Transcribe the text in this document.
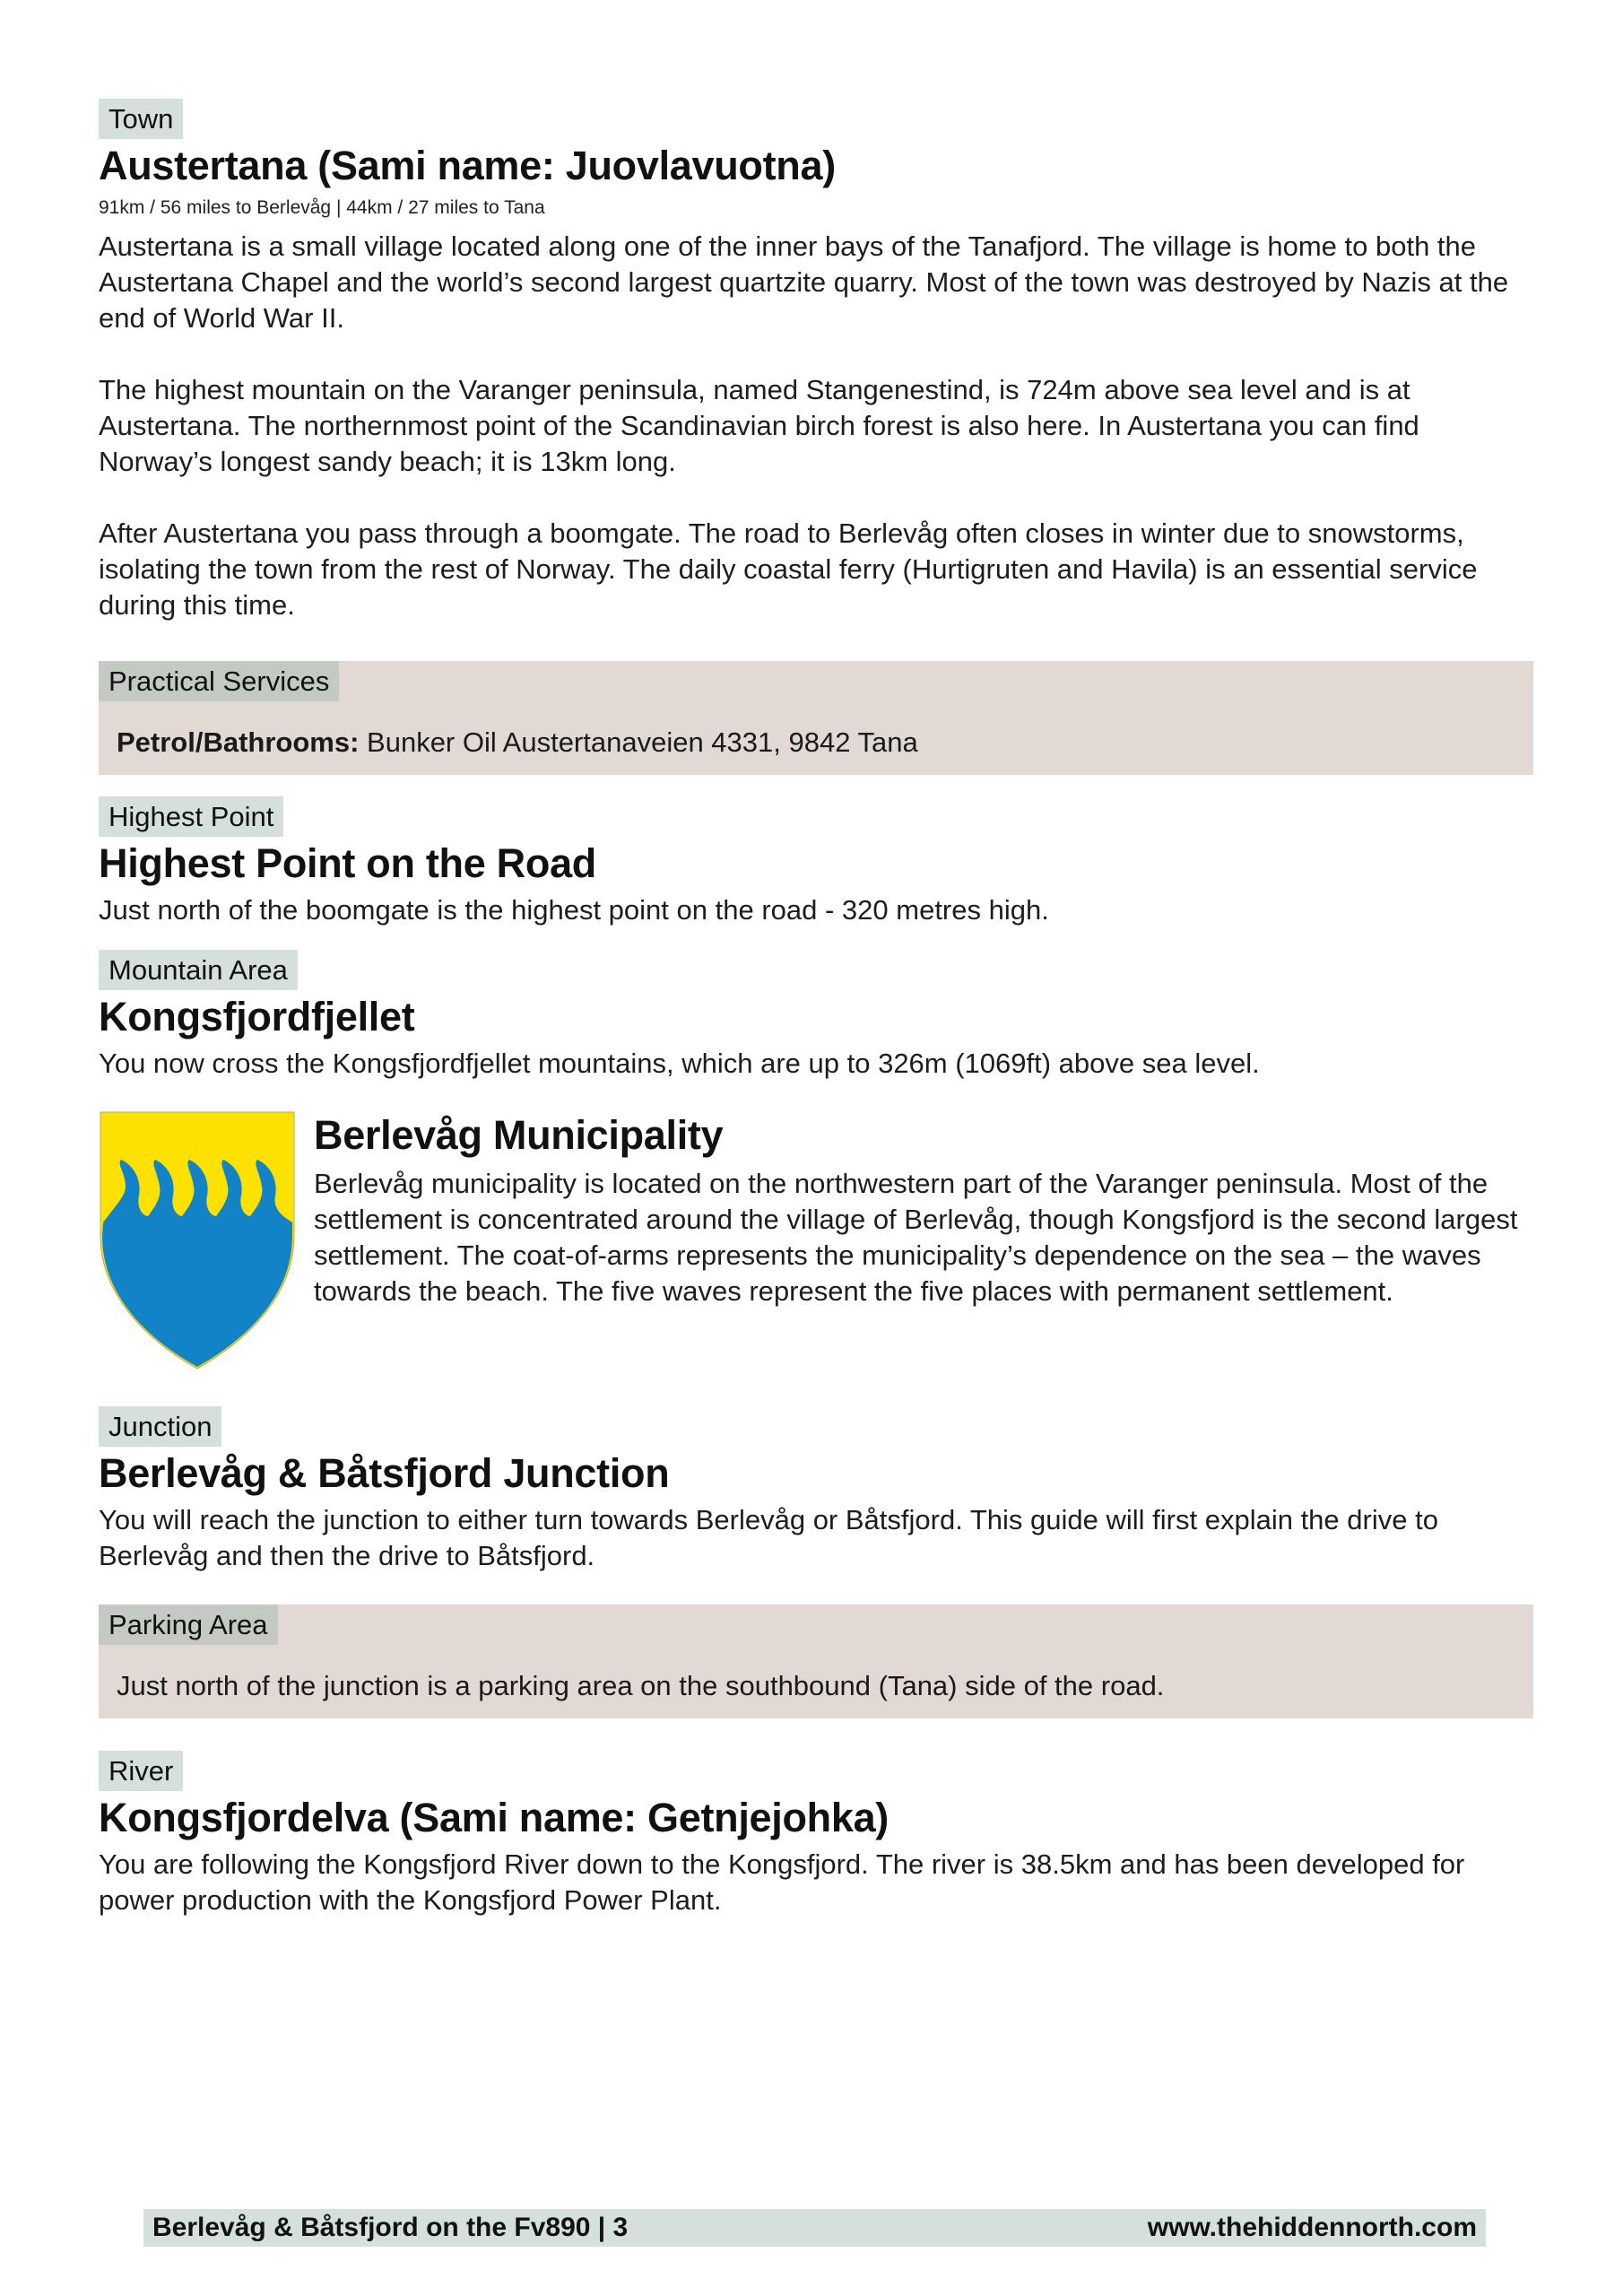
Town
Austertana (Sami name: Juovlavuotna)
91km / 56 miles to Berlevåg | 44km / 27 miles to Tana

Austertana is a small village located along one of the inner bays of the Tanafjord. The village is home to both the Austertana Chapel and the world’s second largest quartzite quarry. Most of the town was destroyed by Nazis at the end of World War II.

The highest mountain on the Varanger peninsula, named Stangenestind, is 724m above sea level and is at Austertana. The northernmost point of the Scandinavian birch forest is also here. In Austertana you can find Norway’s longest sandy beach; it is 13km long.

After Austertana you pass through a boomgate. The road to Berlevåg often closes in winter due to snowstorms, isolating the town from the rest of Norway. The daily coastal ferry (Hurtigruten and Havila) is an essential service during this time.

Practical Services
Petrol/Bathrooms: Bunker Oil Austertanaveien 4331, 9842 Tana
Highest Point
Highest Point on the Road

Just north of the boomgate is the highest point on the road - 320 metres high.

Mountain Area
Kongsfjordfjellet

You now cross the Kongsfjordfjellet mountains, which are up to 326m (1069ft) above sea level.

Berlevåg Municipality

Berlevåg municipality is located on the northwestern part of the Varanger peninsula. Most of the settlement is concentrated around the village of Berlevåg, though Kongsfjord is the second largest settlement. The coat-of-arms represents the municipality’s dependence on the sea – the waves towards the beach. The five waves represent the five places with permanent settlement.

Junction
Berlevåg & Båtsfjord Junction

You will reach the junction to either turn towards Berlevåg or Båtsfjord. This guide will first explain the drive to Berlevåg and then the drive to Båtsfjord.

Parking Area
Just north of the junction is a parking area on the southbound (Tana) side of the road.
River
Kongsfjordelva (Sami name: Getnjejohka)

You are following the Kongsfjord River down to the Kongsfjord. The river is 38.5km and has been developed for power production with the Kongsfjord Power Plant.

Berlevåg & Båtsfjord on the Fv890 | 3	www.thehiddennorth.com
